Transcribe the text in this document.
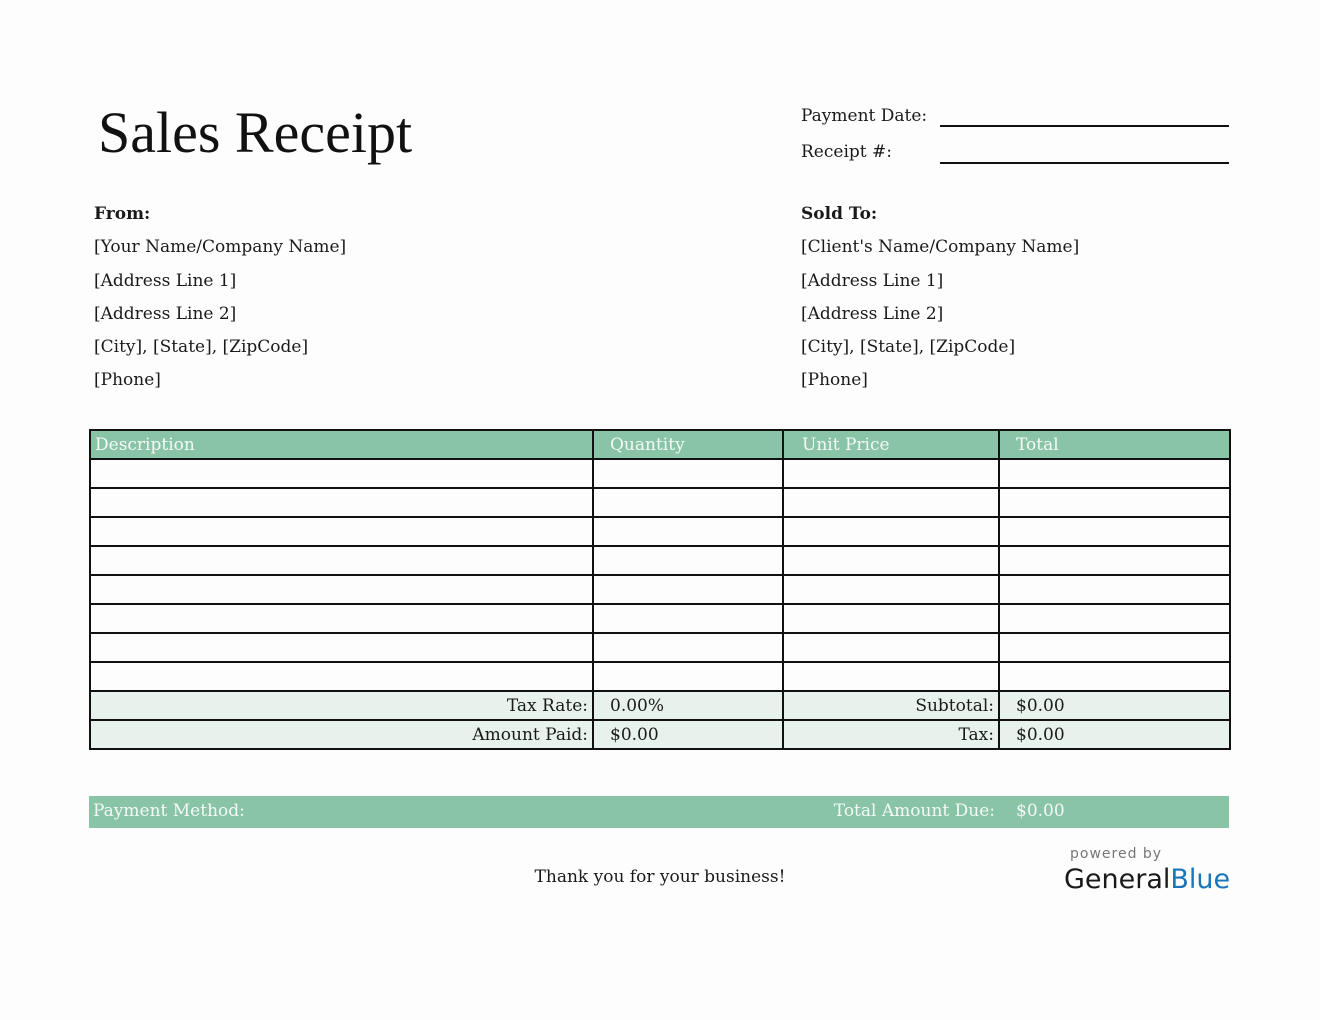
Sales Receipt	Payment Date:
Receipt #:
From:
[Your Name/Company Name]
[Address Line 1]
[Address Line 2]
[City], [State], [ZipCode]
[Phone]
Sold To:
[Client's Name/Company Name]
[Address Line 1]
[Address Line 2]
[City], [State], [ZipCode]
[Phone]
Description	Quantity	Unit Price	Total

Tax Rate:	0.00%	Subtotal:	$0.00
Amount Paid:	$0.00	Tax:	$0.00
Payment Method:	Total Amount Due: $0.00
Thank you for your business!
powered by
GeneralBlue
